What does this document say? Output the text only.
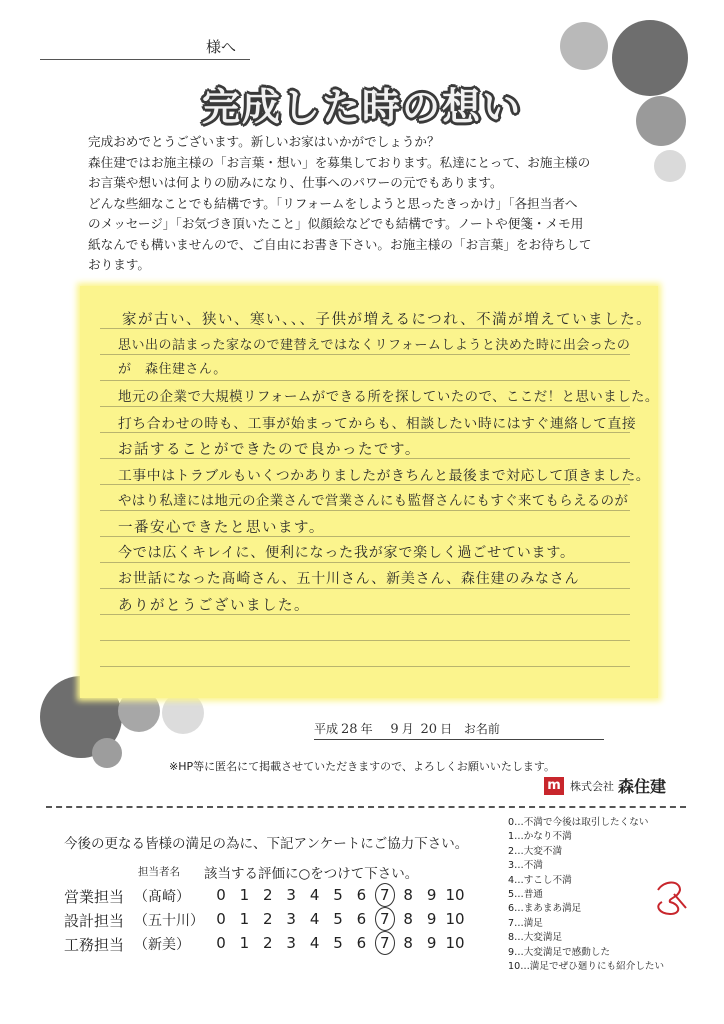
様へ
完成した時の想い
完成おめでとうございます。新しいお家はいかがでしょうか？
森住建ではお施主様の「お言葉・想い」を募集しております。私達にとって、お施主様の
お言葉や想いは何よりの励みになり、仕事へのパワーの元でもあります。
どんな些細なことでも結構です。「リフォームをしようと思ったきっかけ」「各担当者へ
のメッセージ」「お気づき頂いたこと」似顔絵などでも結構です。ノートや便箋・メモ用
紙なんでも構いませんので、ご自由にお書き下さい。お施主様の「お言葉」をお待ちして
おります。
家が古い、狭い、寒い、、、子供が増えるにつれ、不満が増えていました。
思い出の詰まった家なので建替えではなくリフォームしようと決めた時に出会ったのが　森住建さん。
地元の企業で大規模リフォームができる所を探していたので、ここだ！と思いました。
打ち合わせの時も、工事が始まってからも、相談したい時にはすぐ連絡して直接
お話することができたので良かったです。
工事中はトラブルもいくつかありましたがきちんと最後まで対応して頂きました。
やはり私達には地元の企業さんで営業さんにも監督さんにもすぐ来てもらえるのが
一番安心できたと思います。
今では広くキレイに、便利になった我が家で楽しく過ごせています。
お世話になった髙崎さん、五十川さん、新美さん、森住建のみなさん
ありがとうございました。
平成 28 年 9 月 20 日 お名前
※HP等に匿名にて掲載させていただきますので、よろしくお願いいたします。
m 株式会社 森住建
今後の更なる皆様の満足の為に、下記アンケートにご協力下さい。
担当者名 該当する評価に○をつけて下さい。
営業担当 （髙崎）	0 1 2 3 4 5 6 7 8 9 10
設計担当 （五十川） 0 1 2 3 4 5 6 7 8 9 10
工務担当 （新美）	0 1 2 3 4 5 6 7 8 9 10
0…不満で今後は取引したくない
1…かなり不満
2…大変不満
3…不満
4…すこし不満
5…普通
6…まあまあ満足
7…満足
8…大変満足
9…大変満足で感動した
10…満足でぜひ廻りにも紹介したい
